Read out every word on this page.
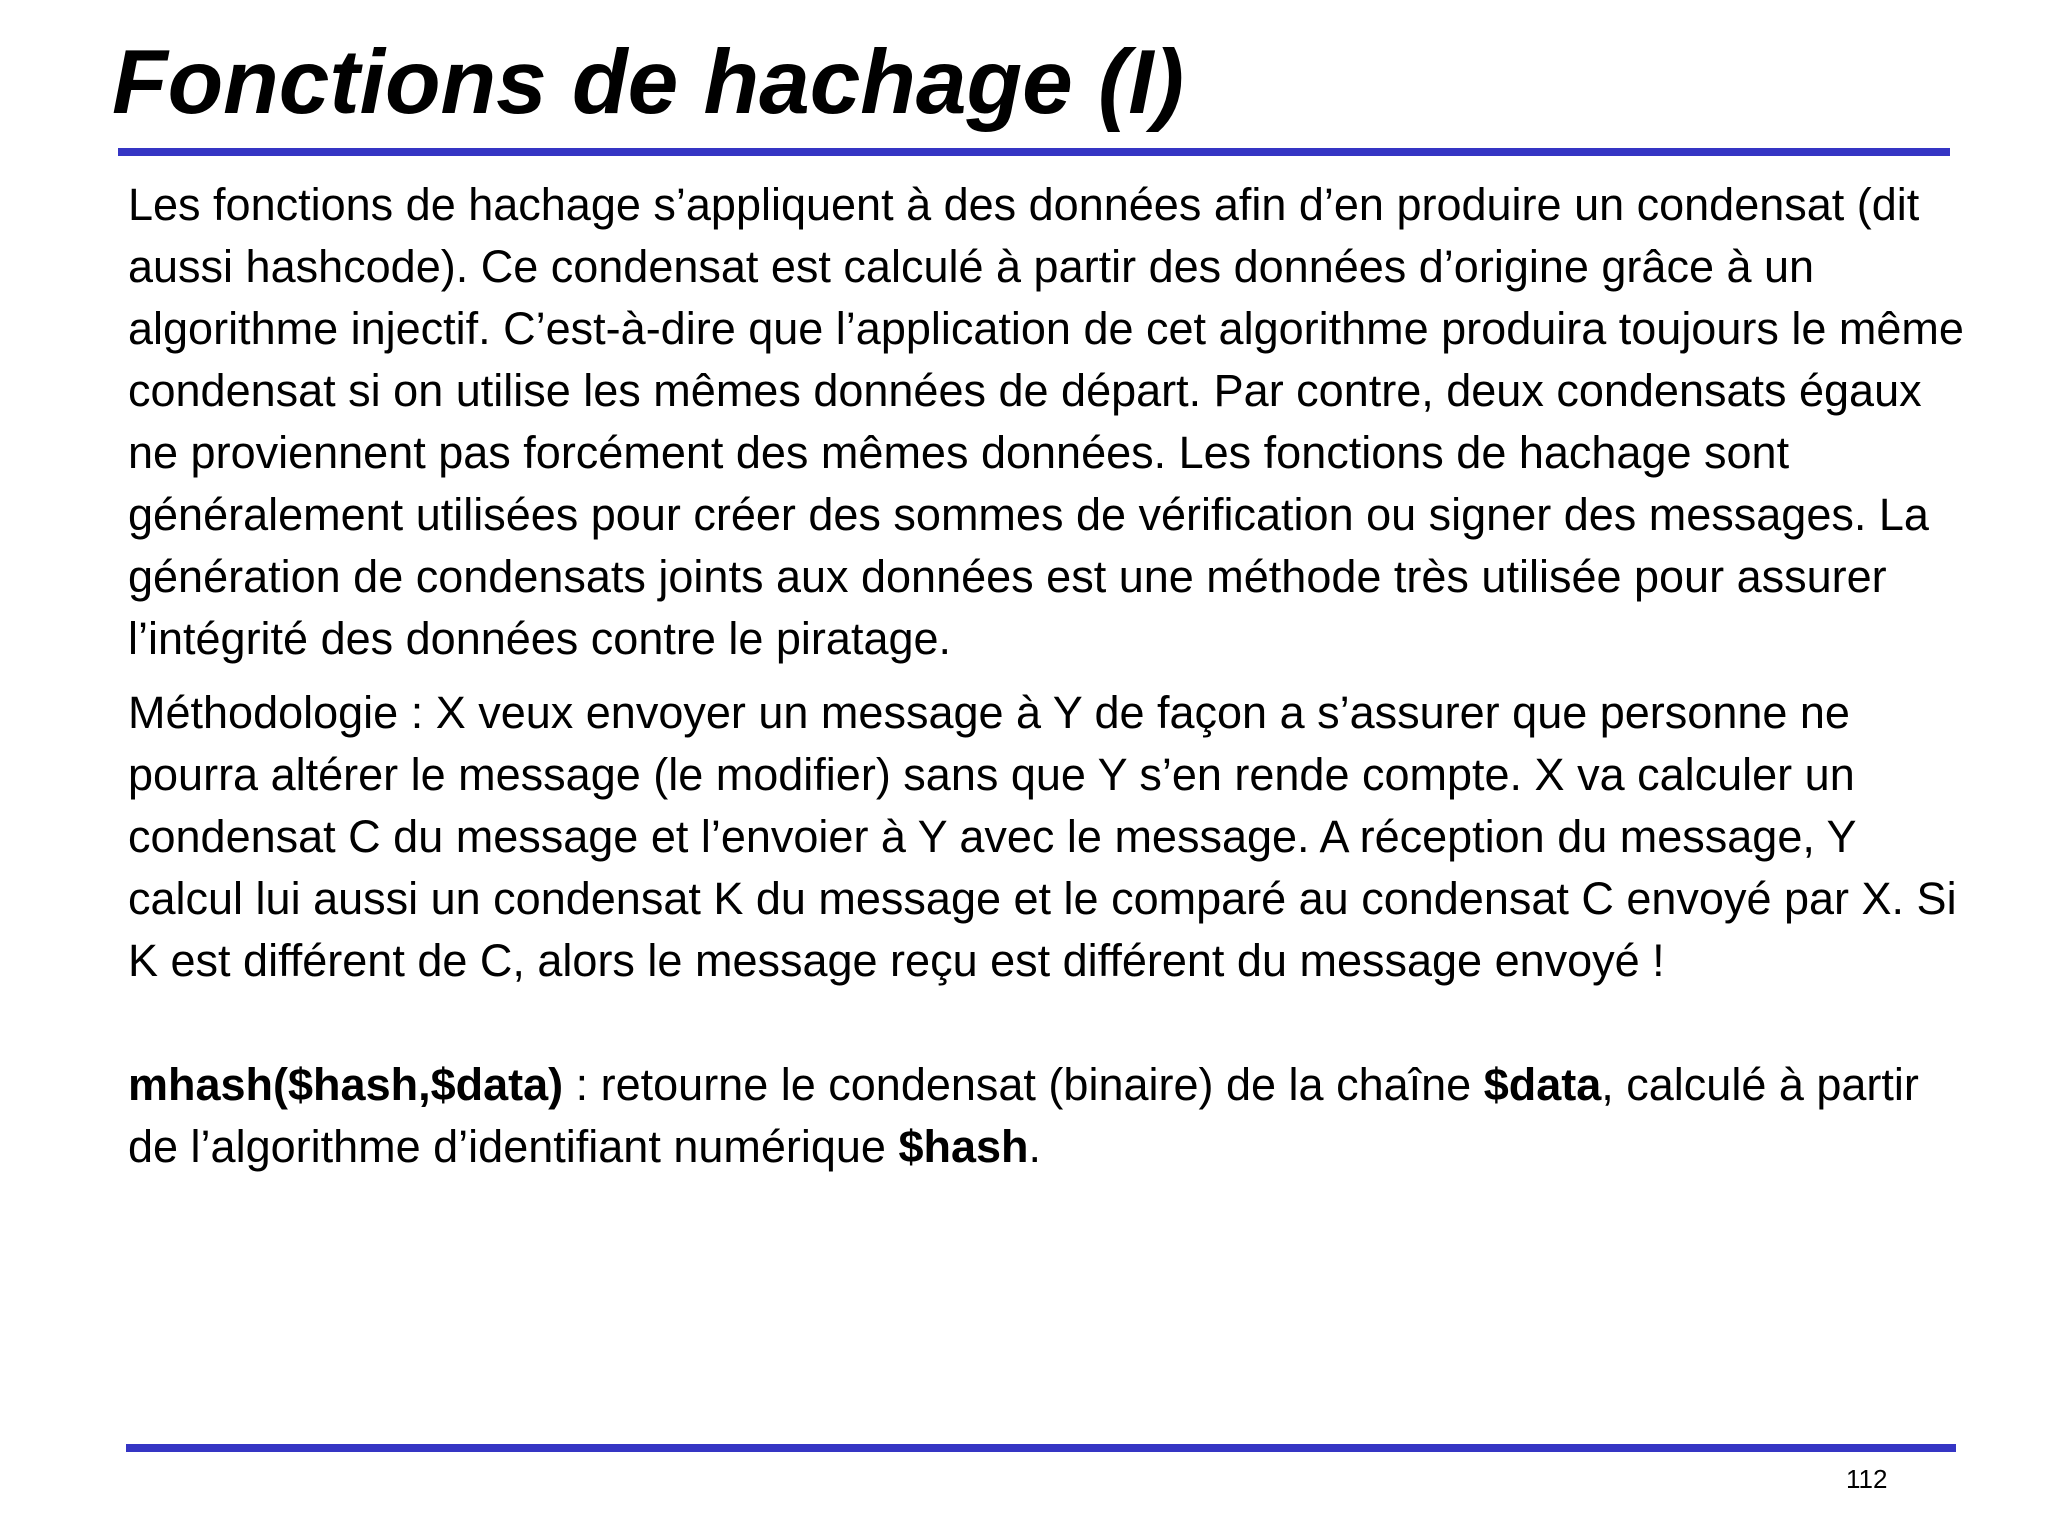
Fonctions de hachage (I)

Les fonctions de hachage s’appliquent à des données afin d’en produire un condensat (dit aussi hashcode). Ce condensat est calculé à partir des données d’origine grâce à un algorithme injectif. C’est-à-dire que l’application de cet algorithme produira toujours le même condensat si on utilise les mêmes données de départ. Par contre, deux condensats égaux ne proviennent pas forcément des mêmes données. Les fonctions de hachage sont généralement utilisées pour créer des sommes de vérification ou signer des messages. La génération de condensats joints aux données est une méthode très utilisée pour assurer l’intégrité des données contre le piratage.

Méthodologie : X veux envoyer un message à Y de façon a s’assurer que personne ne pourra altérer le message (le modifier) sans que Y s’en rende compte. X va calculer un condensat C du message et l’envoier à Y avec le message. A réception du message, Y calcul lui aussi un condensat K du message et le comparé au condensat C envoyé par X. Si K est différent de C, alors le message reçu est différent du message envoyé !

mhash($hash,$data) : retourne le condensat (binaire) de la chaîne $data, calculé à partir de l’algorithme d’identifiant numérique $hash.

112
